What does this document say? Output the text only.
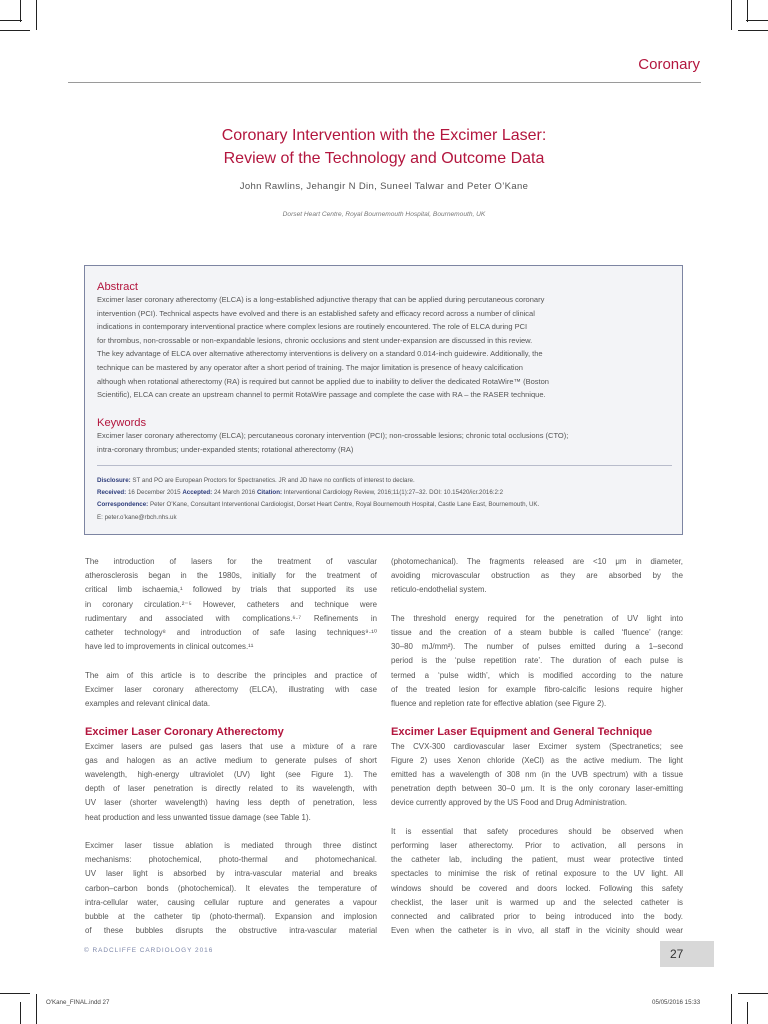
Coronary
Coronary Intervention with the Excimer Laser:
Review of the Technology and Outcome Data
John Rawlins, Jehangir N Din, Suneel Talwar and Peter O’Kane
Dorset Heart Centre, Royal Bournemouth Hospital, Bournemouth, UK
Abstract
Excimer laser coronary atherectomy (ELCA) is a long-established adjunctive therapy that can be applied during percutaneous coronary
intervention (PCI). Technical aspects have evolved and there is an established safety and efficacy record across a number of clinical
indications in contemporary interventional practice where complex lesions are routinely encountered. The role of ELCA during PCI
for thrombus, non-crossable or non-expandable lesions, chronic occlusions and stent under-expansion are discussed in this review.
The key advantage of ELCA over alternative atherectomy interventions is delivery on a standard 0.014-inch guidewire. Additionally, the
technique can be mastered by any operator after a short period of training. The major limitation is presence of heavy calcification
although when rotational atherectomy (RA) is required but cannot be applied due to inability to deliver the dedicated RotaWire™ (Boston
Scientific), ELCA can create an upstream channel to permit RotaWire passage and complete the case with RA – the RASER technique.
Keywords
Excimer laser coronary atherectomy (ELCA); percutaneous coronary intervention (PCI); non-crossable lesions; chronic total occlusions (CTO);
intra-coronary thrombus; under-expanded stents; rotational atherectomy (RA)
Disclosure: ST and PO are European Proctors for Spectranetics. JR and JD have no conflicts of interest to declare.
Received: 16 December 2015 Accepted: 24 March 2016 Citation: Interventional Cardiology Review, 2016;11(1):27–32. DOI: 10.15420/icr.2016:2:2
Correspondence: Peter O’Kane, Consultant Interventional Cardiologist, Dorset Heart Centre, Royal Bournemouth Hospital, Castle Lane East, Bournemouth, UK.
E: peter.o’kane@rbch.nhs.uk
The introduction of lasers for the treatment of vascular
atherosclerosis began in the 1980s, initially for the treatment of
critical limb ischaemia,¹ followed by trials that supported its use
in coronary circulation.²⁻⁵ However, catheters and technique were
rudimentary and associated with complications.⁶·⁷ Refinements in
catheter technology⁸ and introduction of safe lasing techniques⁹·¹⁰
have led to improvements in clinical outcomes.¹¹
The aim of this article is to describe the principles and practice of
Excimer laser coronary atherectomy (ELCA), illustrating with case
examples and relevant clinical data.
Excimer Laser Coronary Atherectomy
Excimer lasers are pulsed gas lasers that use a mixture of a rare
gas and halogen as an active medium to generate pulses of short
wavelength, high-energy ultraviolet (UV) light (see Figure 1). The
depth of laser penetration is directly related to its wavelength, with
UV laser (shorter wavelength) having less depth of penetration, less
heat production and less unwanted tissue damage (see Table 1).
Excimer laser tissue ablation is mediated through three distinct
mechanisms: photochemical, photo-thermal and photomechanical.
UV laser light is absorbed by intra-vascular material and breaks
carbon–carbon bonds (photochemical). It elevates the temperature of
intra-cellular water, causing cellular rupture and generates a vapour
bubble at the catheter tip (photo-thermal). Expansion and implosion
of these bubbles disrupts the obstructive intra-vascular material
(photomechanical). The fragments released are <10 μm in diameter,
avoiding microvascular obstruction as they are absorbed by the
reticulo-endothelial system.
The threshold energy required for the penetration of UV light into
tissue and the creation of a steam bubble is called ‘fluence’ (range:
30–80 mJ/mm²). The number of pulses emitted during a 1–second
period is the ‘pulse repetition rate’. The duration of each pulse is
termed a ‘pulse width’, which is modified according to the nature
of the treated lesion for example fibro-calcific lesions require higher
fluence and repletion rate for effective ablation (see Figure 2).
Excimer Laser Equipment and General Technique
The CVX-300 cardiovascular laser Excimer system (Spectranetics; see
Figure 2) uses Xenon chloride (XeCl) as the active medium. The light
emitted has a wavelength of 308 nm (in the UVB spectrum) with a tissue
penetration depth between 30–0 μm. It is the only coronary laser-emitting
device currently approved by the US Food and Drug Administration.
It is essential that safety procedures should be observed when
performing laser atherectomy. Prior to activation, all persons in
the catheter lab, including the patient, must wear protective tinted
spectacles to minimise the risk of retinal exposure to the UV light. All
windows should be covered and doors locked. Following this safety
checklist, the laser unit is warmed up and the selected catheter is
connected and calibrated prior to being introduced into the body.
Even when the catheter is in vivo, all staff in the vicinity should wear
© RADCLIFFE CARDIOLOGY 2016	27
O'Kane_FINAL.indd 27	05/05/2016 15:33
